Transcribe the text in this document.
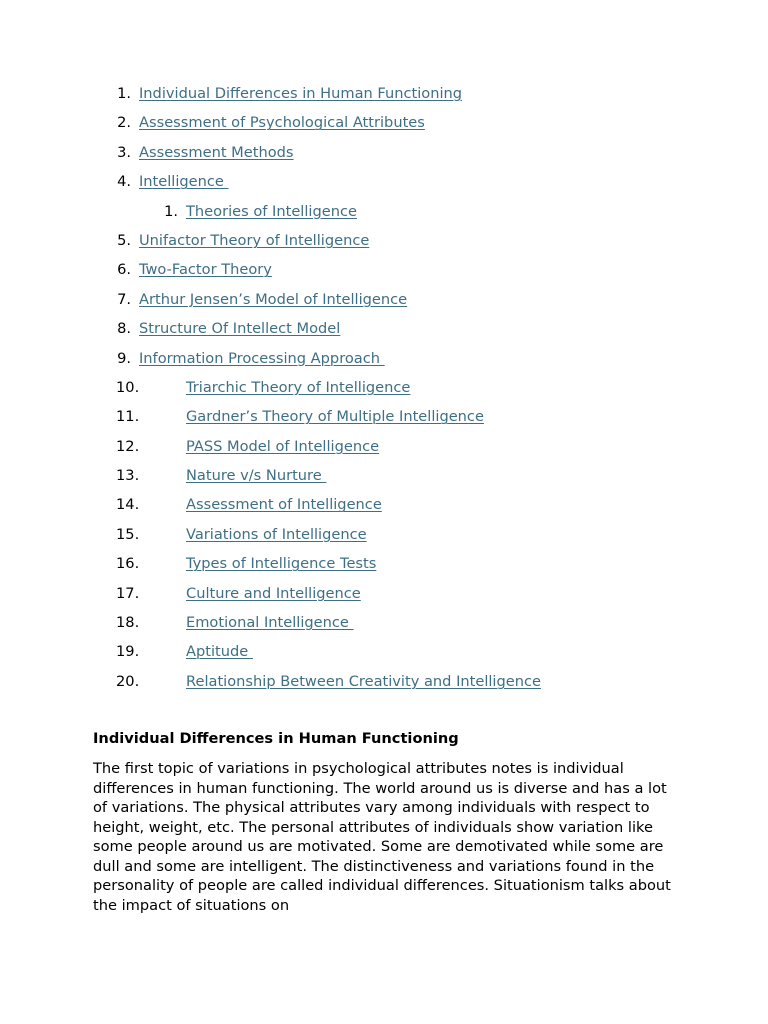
1. Individual Differences in Human Functioning
2. Assessment of Psychological Attributes
3. Assessment Methods
4. Intelligence
1. Theories of Intelligence
5. Unifactor Theory of Intelligence
6. Two-Factor Theory
7. Arthur Jensen’s Model of Intelligence
8. Structure Of Intellect Model
9. Information Processing Approach
10.	Triarchic Theory of Intelligence
11.	Gardner’s Theory of Multiple Intelligence
12.	PASS Model of Intelligence
13.	Nature v/s Nurture
14.	Assessment of Intelligence
15.	Variations of Intelligence
16.	Types of Intelligence Tests
17.	Culture and Intelligence
18.	Emotional Intelligence
19.	Aptitude
20.	Relationship Between Creativity and Intelligence
Individual Differences in Human Functioning

The first topic of variations in psychological attributes notes is individual differences in human functioning. The world around us is diverse and has a lot of variations. The physical attributes vary among individuals with respect to height, weight, etc. The personal attributes of individuals show variation like some people around us are motivated. Some are demotivated while some are dull and some are intelligent. The distinctiveness and variations found in the personality of people are called individual differences. Situationism talks about the impact of situations on
